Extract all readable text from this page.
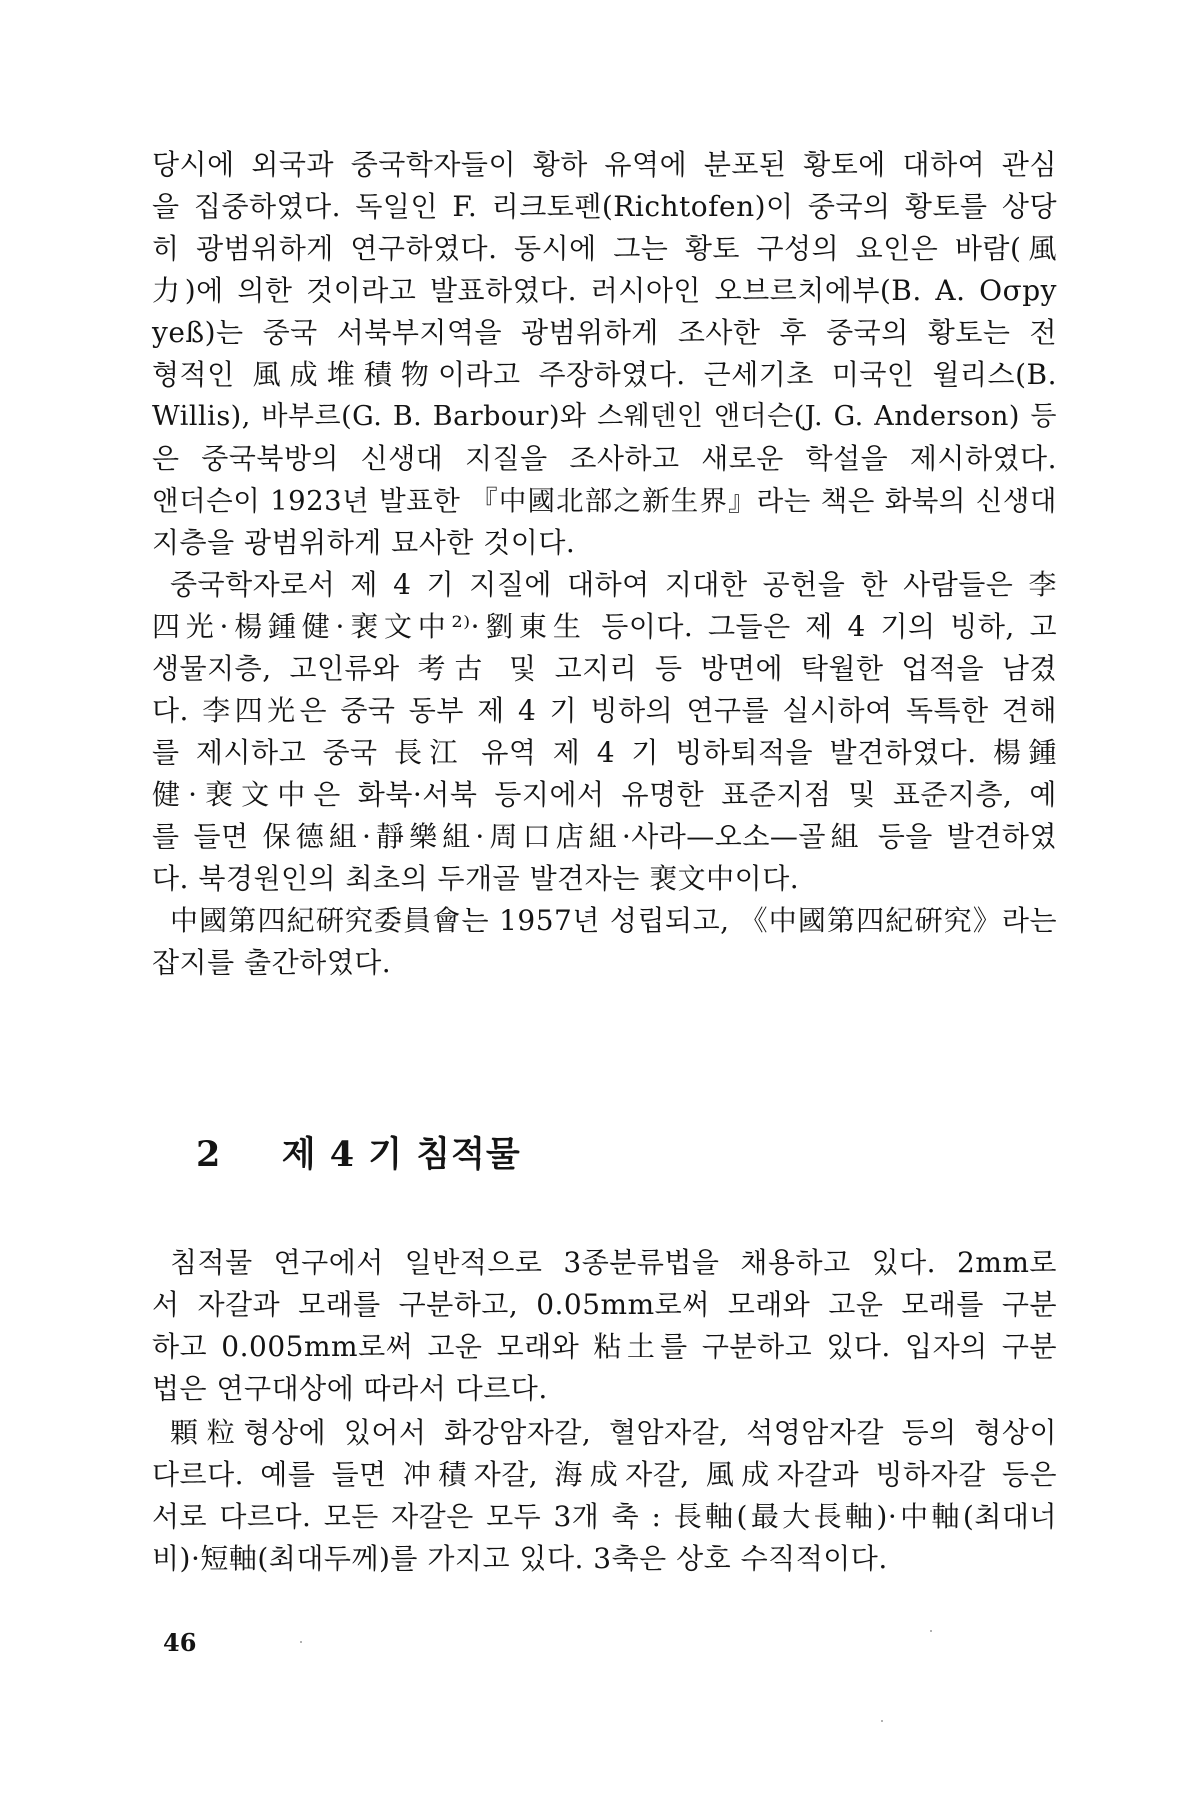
당시에 외국과 중국학자들이 황하 유역에 분포된 황토에 대하여 관심
을 집중하였다. 독일인 F. 리크토펜(Richtofen)이 중국의 황토를 상당
히 광범위하게 연구하였다. 동시에 그는 황토 구성의 요인은 바람(風
力)에 의한 것이라고 발표하였다. 러시아인 오브르치에부(B. A. Oσpy
yeß)는 중국 서북부지역을 광범위하게 조사한 후 중국의 황토는 전
형적인 風成堆積物이라고 주장하였다. 근세기초 미국인 윌리스(B.
Willis), 바부르(G. B. Barbour)와 스웨덴인 앤더슨(J. G. Anderson) 등
은 중국북방의 신생대 지질을 조사하고 새로운 학설을 제시하였다.
앤더슨이 1923년 발표한 『中國北部之新生界』라는 책은 화북의 신생대
지층을 광범위하게 묘사한 것이다.
중국학자로서 제 4 기 지질에 대하여 지대한 공헌을 한 사람들은 李
四光·楊鍾健·裵文中²⁾·劉東生 등이다. 그들은 제 4 기의 빙하, 고
생물지층, 고인류와 考古 및 고지리 등 방면에 탁월한 업적을 남겼
다. 李四光은 중국 동부 제 4 기 빙하의 연구를 실시하여 독특한 견해
를 제시하고 중국 長江 유역 제 4 기 빙하퇴적을 발견하였다. 楊鍾
健·裵文中은 화북·서북 등지에서 유명한 표준지점 및 표준지층, 예
를 들면 保德組·靜樂組·周口店組·사라—오소—골組 등을 발견하였
다. 북경원인의 최초의 두개골 발견자는 裵文中이다.
中國第四紀硏究委員會는 1957년 성립되고, 《中國第四紀硏究》라는
잡지를 출간하였다.
2 제 4 기 침적물
침적물 연구에서 일반적으로 3종분류법을 채용하고 있다. 2mm로
서 자갈과 모래를 구분하고, 0.05mm로써 모래와 고운 모래를 구분
하고 0.005mm로써 고운 모래와 粘土를 구분하고 있다. 입자의 구분
법은 연구대상에 따라서 다르다.
顆粒형상에 있어서 화강암자갈, 혈암자갈, 석영암자갈 등의 형상이
다르다. 예를 들면 冲積자갈, 海成자갈, 風成자갈과 빙하자갈 등은
서로 다르다. 모든 자갈은 모두 3개 축 : 長軸(最大長軸)·中軸(최대너
비)·短軸(최대두께)를 가지고 있다. 3축은 상호 수직적이다.
46
